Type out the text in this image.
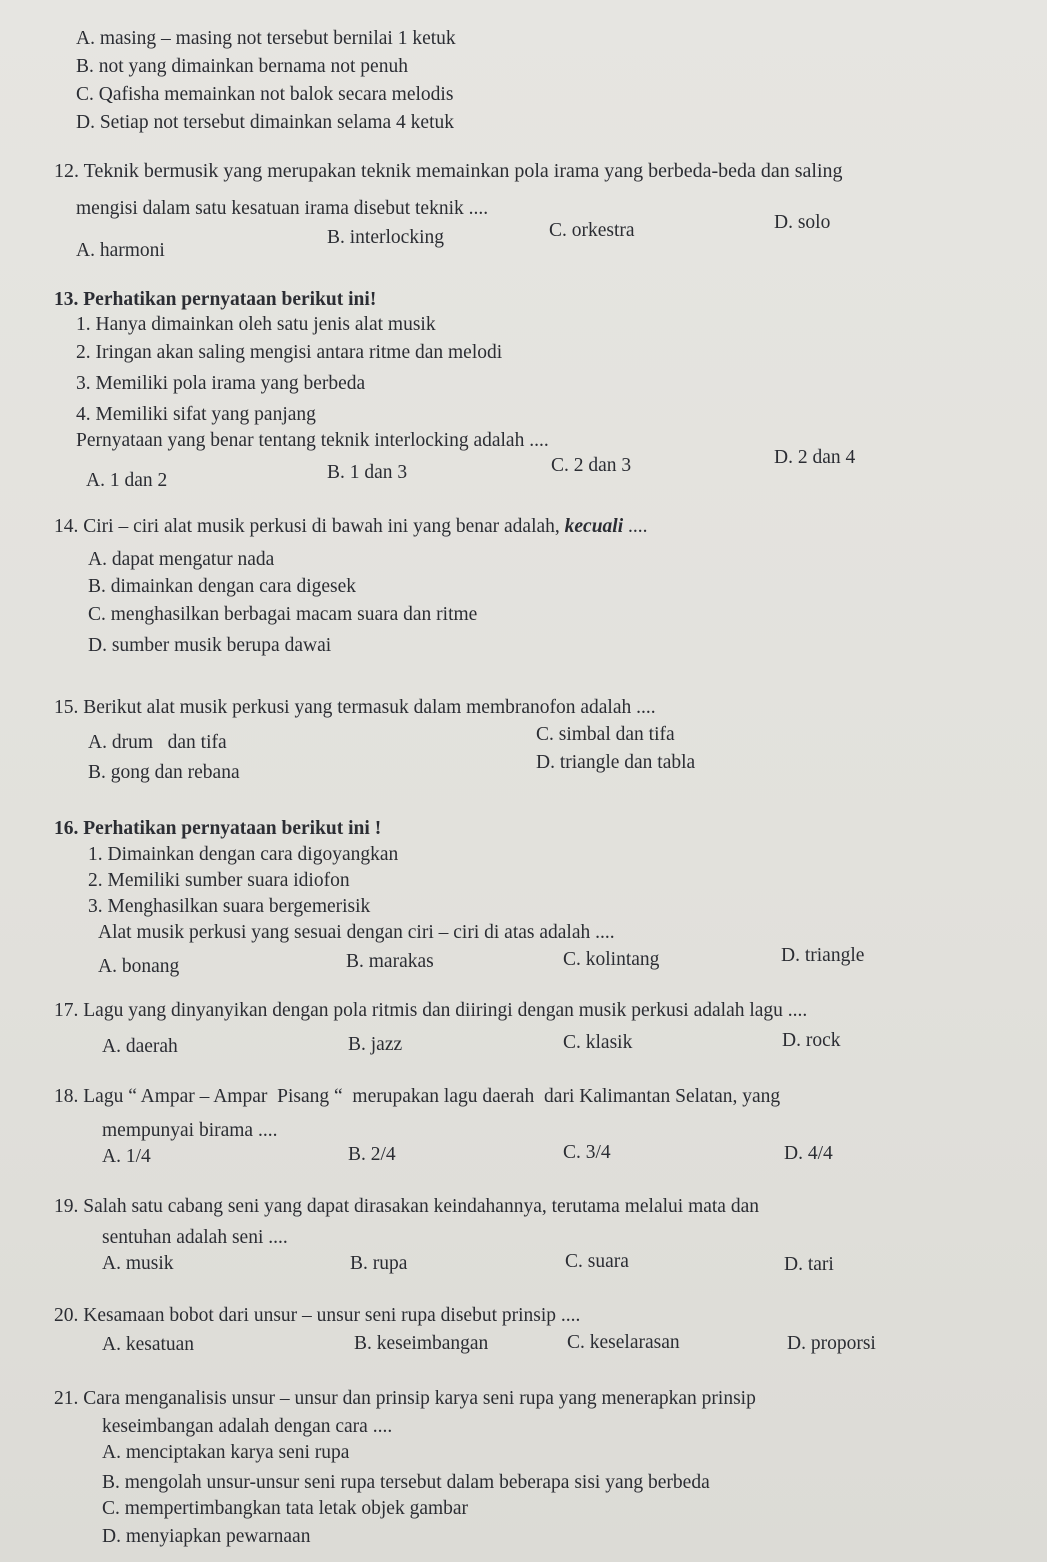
A. masing – masing not tersebut bernilai 1 ketuk
B. not yang dimainkan bernama not penuh
C. Qafisha memainkan not balok secara melodis
D. Setiap not tersebut dimainkan selama 4 ketuk
12. Teknik bermusik yang merupakan teknik memainkan pola irama yang berbeda-beda dan saling
mengisi dalam satu kesatuan irama disebut teknik ....
A. harmoni
B. interlocking	C. orkestra	D. solo
13. Perhatikan pernyataan berikut ini!
1. Hanya dimainkan oleh satu jenis alat musik
2. Iringan akan saling mengisi antara ritme dan melodi
3. Memiliki pola irama yang berbeda
4. Memiliki sifat yang panjang
Pernyataan yang benar tentang teknik interlocking adalah ....
A. 1 dan 2	B. 1 dan 3	C. 2 dan 3	D. 2 dan 4
14. Ciri – ciri alat musik perkusi di bawah ini yang benar adalah, kecuali ....
A. dapat mengatur nada
B. dimainkan dengan cara digesek
C. menghasilkan berbagai macam suara dan ritme
D. sumber musik berupa dawai
15. Berikut alat musik perkusi yang termasuk dalam membranofon adalah ....
A. drum   dan tifa	C. simbal dan tifa
B. gong dan rebana	D. triangle dan tabla
16. Perhatikan pernyataan berikut ini !
1. Dimainkan dengan cara digoyangkan
2. Memiliki sumber suara idiofon
3. Menghasilkan suara bergemerisik
Alat musik perkusi yang sesuai dengan ciri – ciri di atas adalah ....
A. bonang	B. marakas	C. kolintang	D. triangle
17. Lagu yang dinyanyikan dengan pola ritmis dan diiringi dengan musik perkusi adalah lagu ....
A. daerah	B. jazz	C. klasik	D. rock
18. Lagu “ Ampar – Ampar  Pisang “  merupakan lagu daerah  dari Kalimantan Selatan, yang
mempunyai birama ....
A. 1/4	B. 2/4	C. 3/4	D. 4/4
19. Salah satu cabang seni yang dapat dirasakan keindahannya, terutama melalui mata dan
sentuhan adalah seni ....
A. musik	B. rupa	C. suara	D. tari
20. Kesamaan bobot dari unsur – unsur seni rupa disebut prinsip ....
A. kesatuan	B. keseimbangan	C. keselarasan	D. proporsi
21. Cara menganalisis unsur – unsur dan prinsip karya seni rupa yang menerapkan prinsip
keseimbangan adalah dengan cara ....
A. menciptakan karya seni rupa
B. mengolah unsur-unsur seni rupa tersebut dalam beberapa sisi yang berbeda
C. mempertimbangkan tata letak objek gambar
D. menyiapkan pewarnaan
